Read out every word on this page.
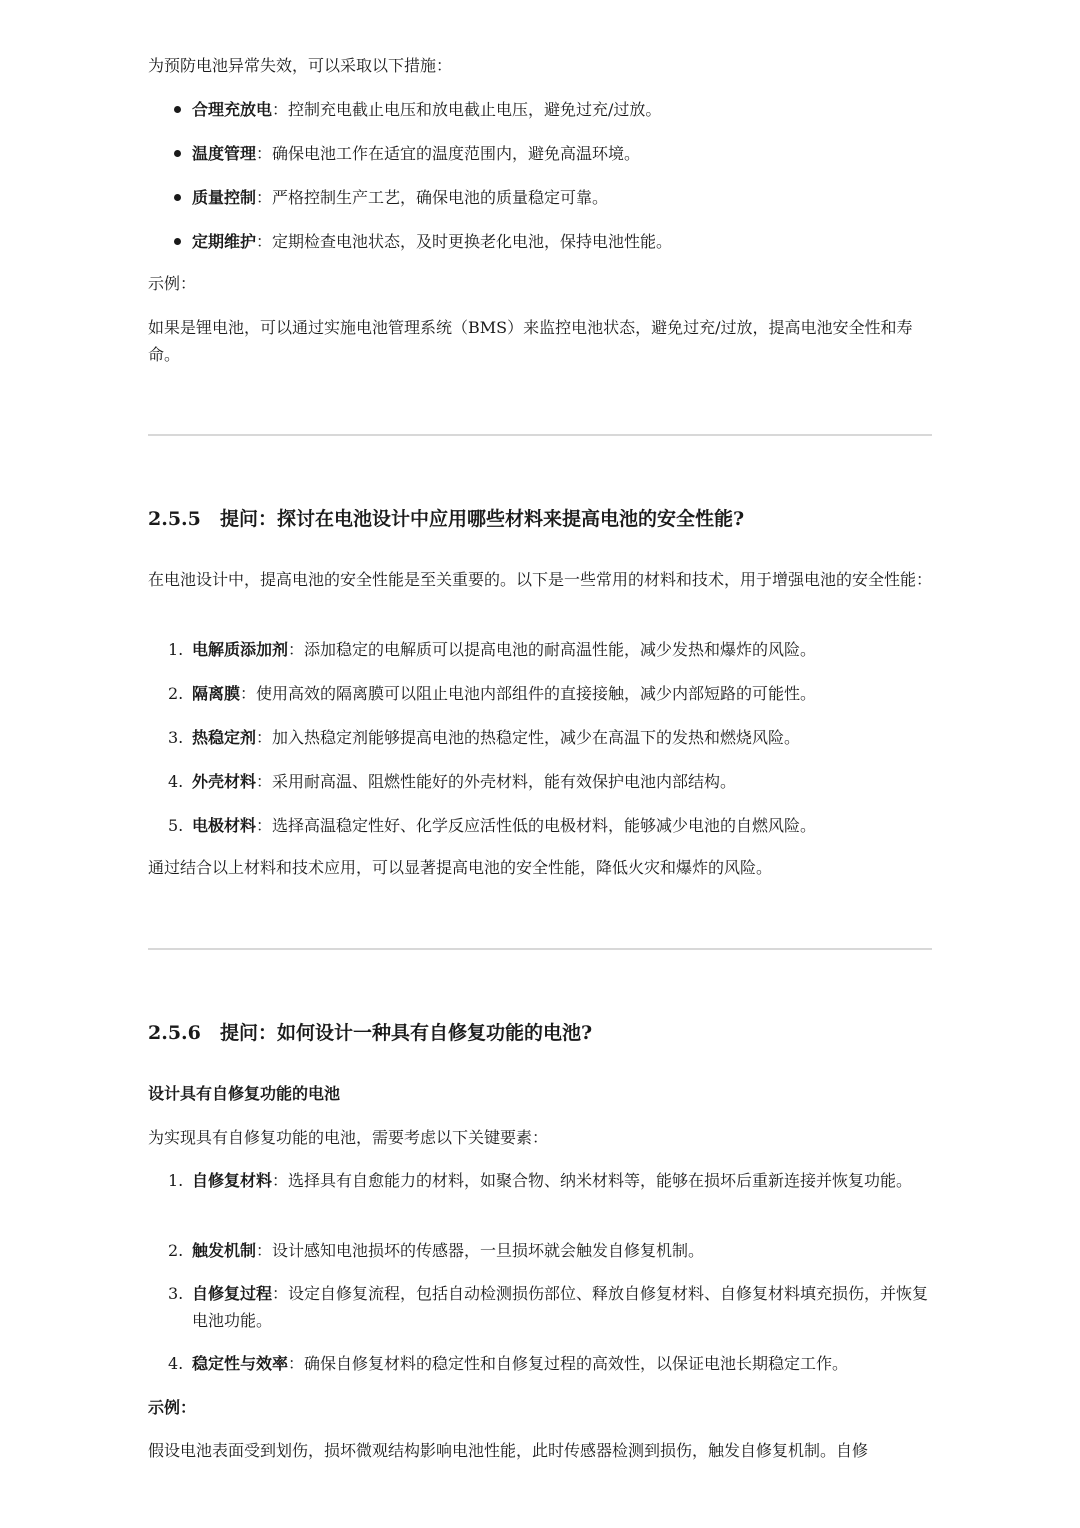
为预防电池异常失效，可以采取以下措施：

合理充放电：控制充电截止电压和放电截止电压，避免过充/过放。
温度管理：确保电池工作在适宜的温度范围内，避免高温环境。
质量控制：严格控制生产工艺，确保电池的质量稳定可靠。
定期维护：定期检查电池状态，及时更换老化电池，保持电池性能。

示例：

如果是锂电池，可以通过实施电池管理系统（BMS）来监控电池状态，避免过充/过放，提高电池安全性和寿命。

2.5.5 提问：探讨在电池设计中应用哪些材料来提高电池的安全性能?

在电池设计中，提高电池的安全性能是至关重要的。以下是一些常用的材料和技术，用于增强电池的安全性能：

1. 电解质添加剂：添加稳定的电解质可以提高电池的耐高温性能，减少发热和爆炸的风险。
2. 隔离膜：使用高效的隔离膜可以阻止电池内部组件的直接接触，减少内部短路的可能性。
3. 热稳定剂：加入热稳定剂能够提高电池的热稳定性，减少在高温下的发热和燃烧风险。
4. 外壳材料：采用耐高温、阻燃性能好的外壳材料，能有效保护电池内部结构。
5. 电极材料：选择高温稳定性好、化学反应活性低的电极材料，能够减少电池的自燃风险。

通过结合以上材料和技术应用，可以显著提高电池的安全性能，降低火灾和爆炸的风险。

2.5.6 提问：如何设计一种具有自修复功能的电池?
设计具有自修复功能的电池

为实现具有自修复功能的电池，需要考虑以下关键要素：

1. 自修复材料：选择具有自愈能力的材料，如聚合物、纳米材料等，能够在损坏后重新连接并恢复功能。
2. 触发机制：设计感知电池损坏的传感器，一旦损坏就会触发自修复机制。
3. 自修复过程：设定自修复流程，包括自动检测损伤部位、释放自修复材料、自修复材料填充损伤，并恢复电池功能。
4. 稳定性与效率：确保自修复材料的稳定性和自修复过程的高效性，以保证电池长期稳定工作。

示例：

假设电池表面受到划伤，损坏微观结构影响电池性能，此时传感器检测到损伤，触发自修复机制。自修
